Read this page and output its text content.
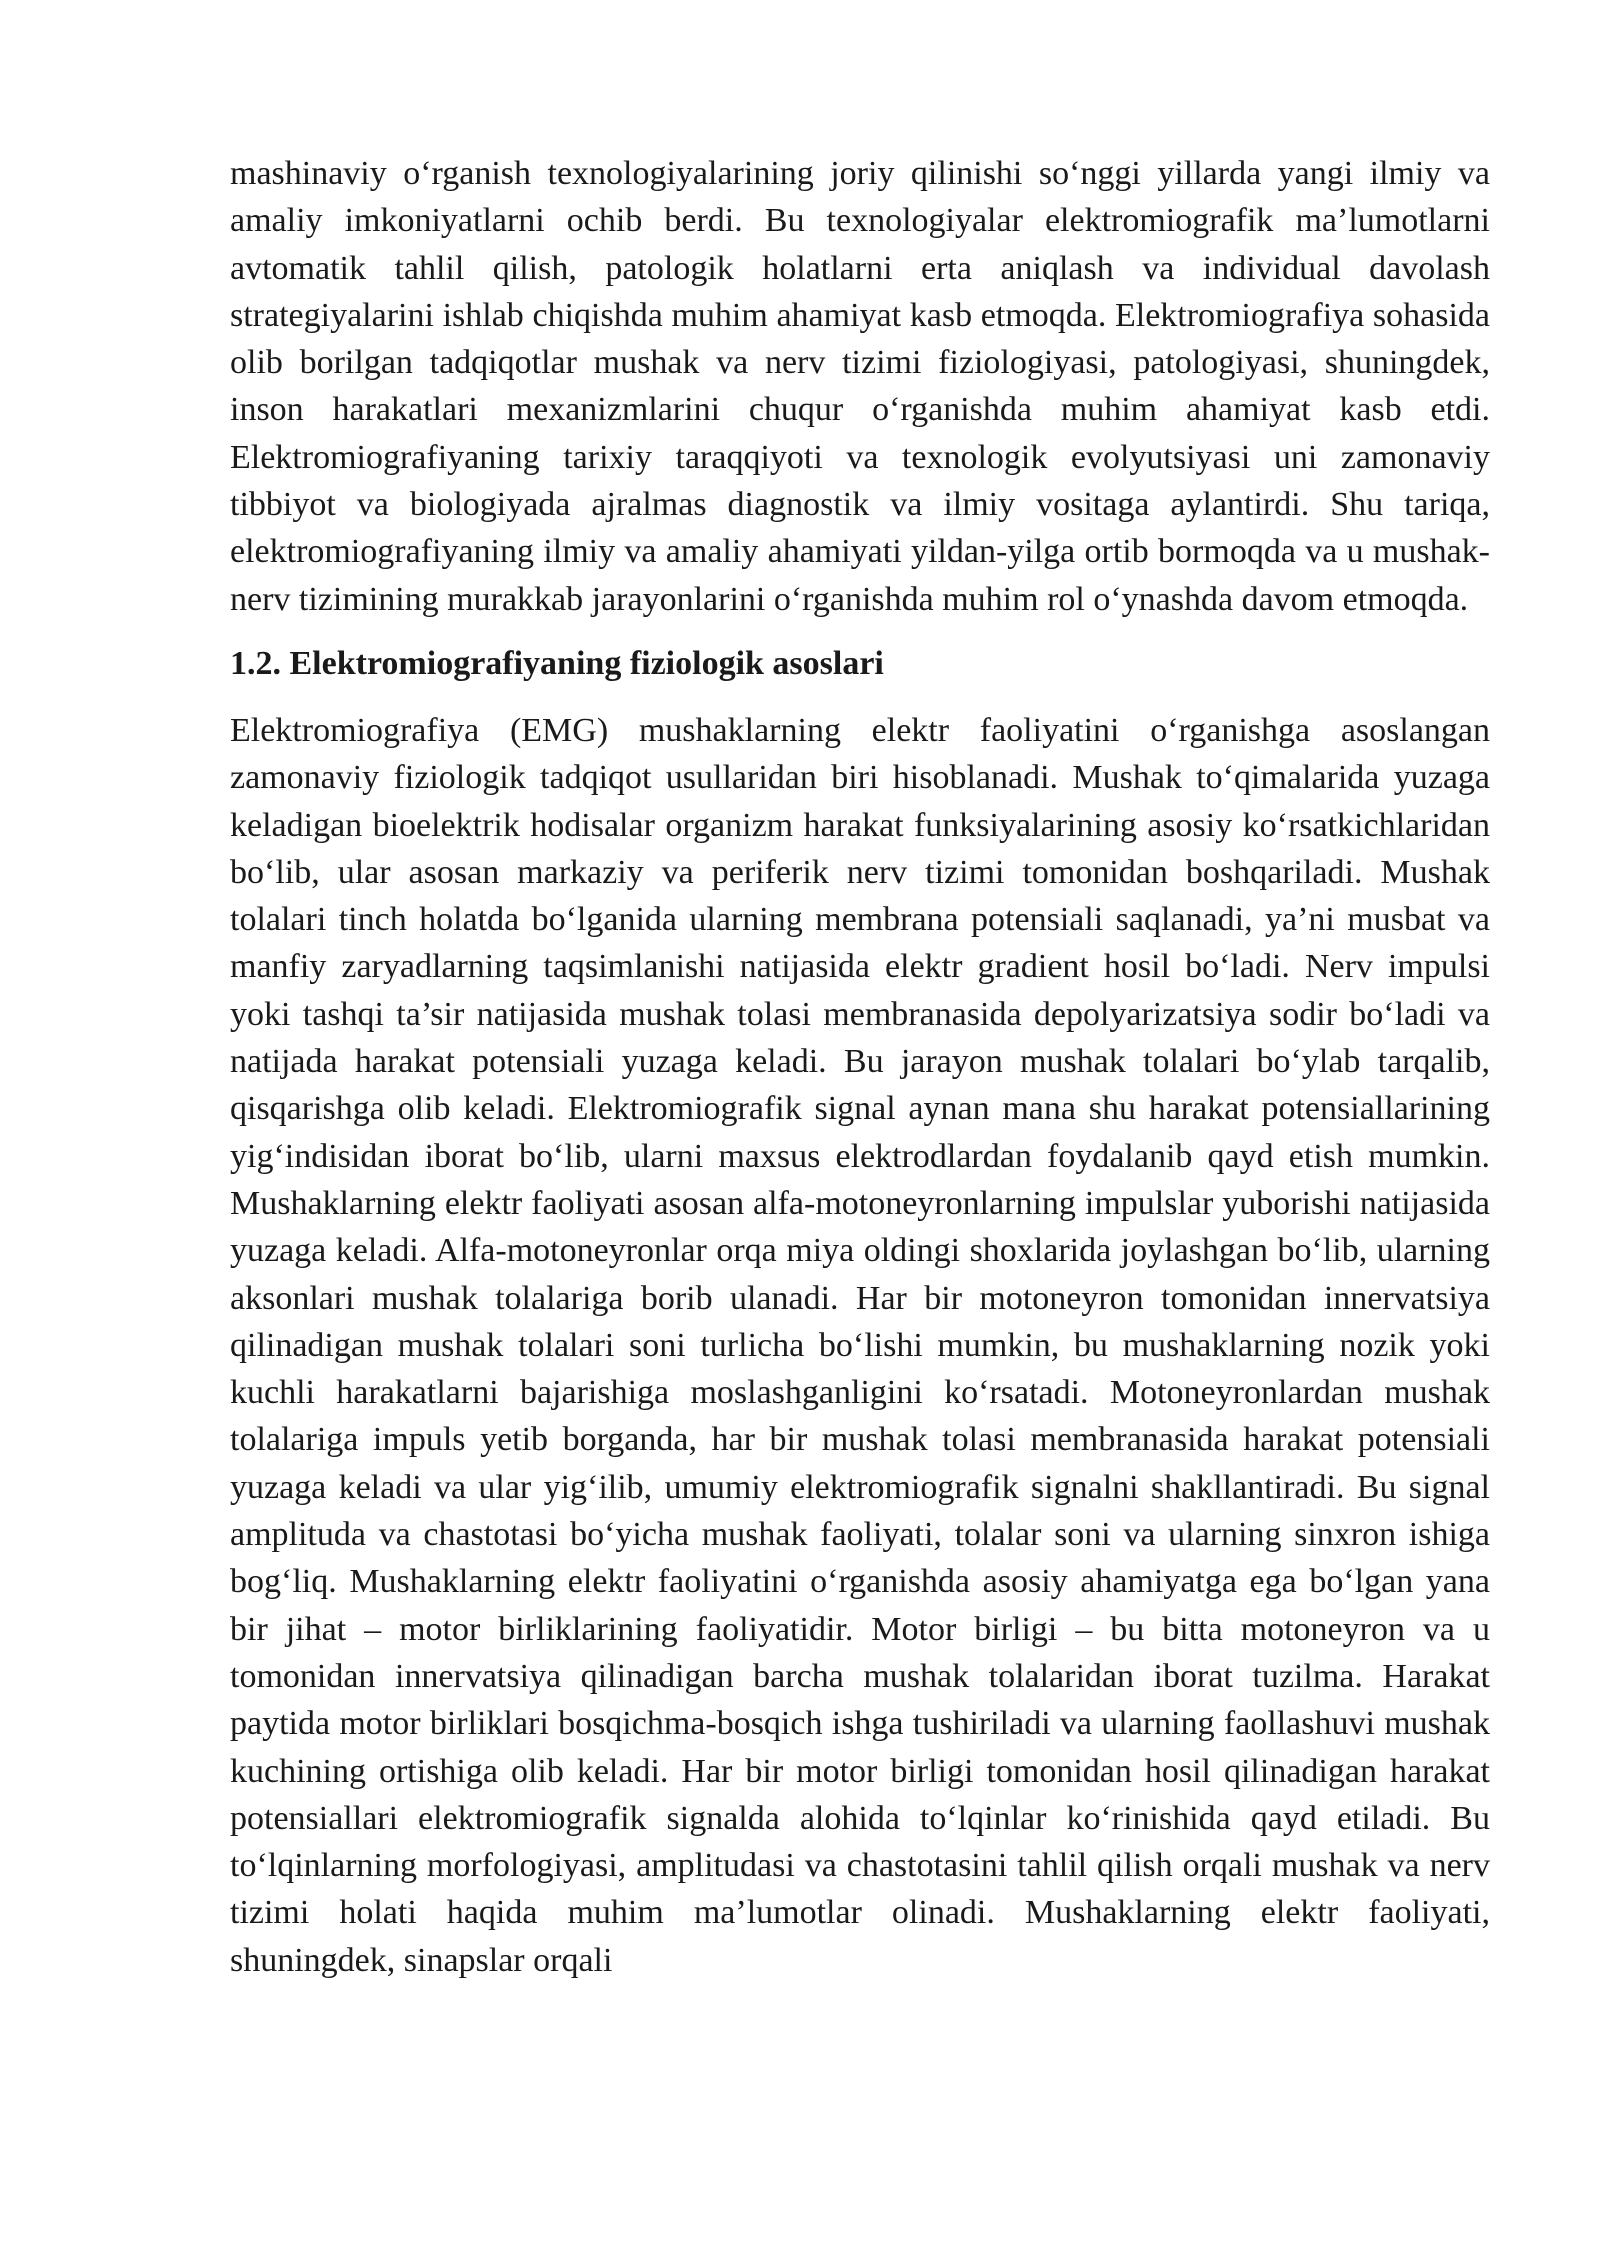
mashinaviy o‘rganish texnologiyalarining joriy qilinishi so‘nggi yillarda yangi ilmiy va amaliy imkoniyatlarni ochib berdi. Bu texnologiyalar elektromiografik ma’lumotlarni avtomatik tahlil qilish, patologik holatlarni erta aniqlash va individual davolash strategiyalarini ishlab chiqishda muhim ahamiyat kasb etmoqda. Elektromiografiya sohasida olib borilgan tadqiqotlar mushak va nerv tizimi fiziologiyasi, patologiyasi, shuningdek, inson harakatlari mexanizmlarini chuqur o‘rganishda muhim ahamiyat kasb etdi. Elektromiografiyaning tarixiy taraqqiyoti va texnologik evolyutsiyasi uni zamonaviy tibbiyot va biologiyada ajralmas diagnostik va ilmiy vositaga aylantirdi. Shu tariqa, elektromiografiyaning ilmiy va amaliy ahamiyati yildan-yilga ortib bormoqda va u mushak-nerv tizimining murakkab jarayonlarini o‘rganishda muhim rol o‘ynashda davom etmoqda.

1.2. Elektromiografiyaning fiziologik asoslari

Elektromiografiya (EMG) mushaklarning elektr faoliyatini o‘rganishga asoslangan zamonaviy fiziologik tadqiqot usullaridan biri hisoblanadi. Mushak to‘qimalarida yuzaga keladigan bioelektrik hodisalar organizm harakat funksiyalarining asosiy ko‘rsatkichlaridan bo‘lib, ular asosan markaziy va periferik nerv tizimi tomonidan boshqariladi. Mushak tolalari tinch holatda bo‘lganida ularning membrana potensiali saqlanadi, ya’ni musbat va manfiy zaryadlarning taqsimlanishi natijasida elektr gradient hosil bo‘ladi. Nerv impulsi yoki tashqi ta’sir natijasida mushak tolasi membranasida depolyarizatsiya sodir bo‘ladi va natijada harakat potensiali yuzaga keladi. Bu jarayon mushak tolalari bo‘ylab tarqalib, qisqarishga olib keladi. Elektromiografik signal aynan mana shu harakat potensiallarining yig‘indisidan iborat bo‘lib, ularni maxsus elektrodlardan foydalanib qayd etish mumkin. Mushaklarning elektr faoliyati asosan alfa-motoneyronlarning impulslar yuborishi natijasida yuzaga keladi. Alfa-motoneyronlar orqa miya oldingi shoxlarida joylashgan bo‘lib, ularning aksonlari mushak tolalariga borib ulanadi. Har bir motoneyron tomonidan innervatsiya qilinadigan mushak tolalari soni turlicha bo‘lishi mumkin, bu mushaklarning nozik yoki kuchli harakatlarni bajarishiga moslashganligini ko‘rsatadi. Motoneyronlardan mushak tolalariga impuls yetib borganda, har bir mushak tolasi membranasida harakat potensiali yuzaga keladi va ular yig‘ilib, umumiy elektromiografik signalni shakllantiradi. Bu signal amplituda va chastotasi bo‘yicha mushak faoliyati, tolalar soni va ularning sinxron ishiga bog‘liq. Mushaklarning elektr faoliyatini o‘rganishda asosiy ahamiyatga ega bo‘lgan yana bir jihat – motor birliklarining faoliyatidir. Motor birligi – bu bitta motoneyron va u tomonidan innervatsiya qilinadigan barcha mushak tolalaridan iborat tuzilma. Harakat paytida motor birliklari bosqichma-bosqich ishga tushiriladi va ularning faollashuvi mushak kuchining ortishiga olib keladi. Har bir motor birligi tomonidan hosil qilinadigan harakat potensiallari elektromiografik signalda alohida to‘lqinlar ko‘rinishida qayd etiladi. Bu to‘lqinlarning morfologiyasi, amplitudasi va chastotasini tahlil qilish orqali mushak va nerv tizimi holati haqida muhim ma’lumotlar olinadi. Mushaklarning elektr faoliyati, shuningdek, sinapslar orqali
